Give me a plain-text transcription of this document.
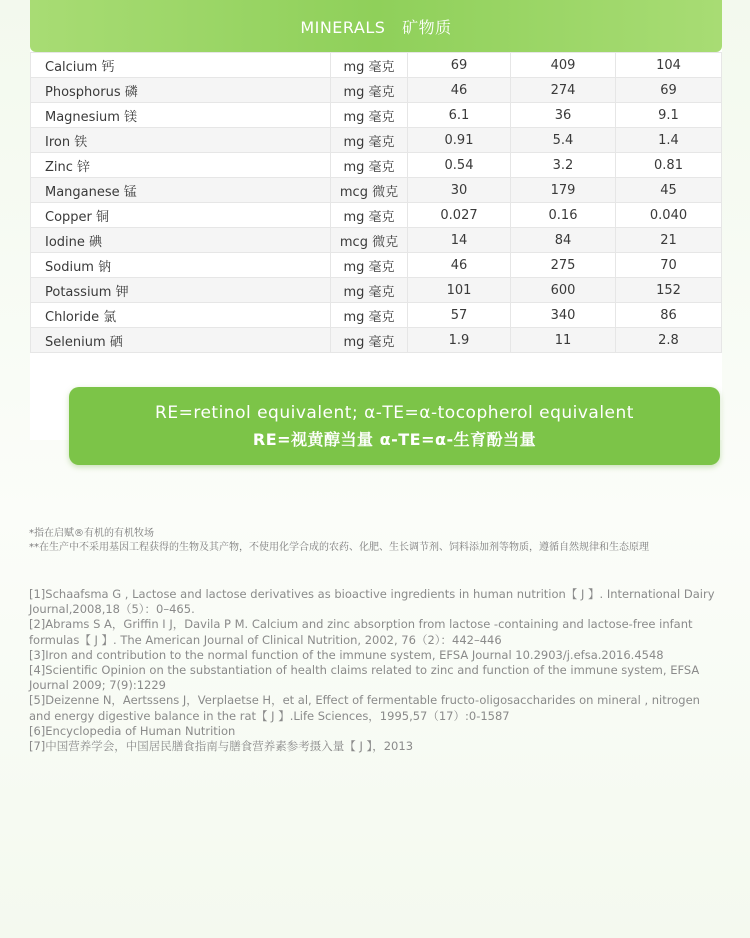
MINERALS   矿物质
Calcium 钙	mg 毫克	69	409	104
Phosphorus 磷	mg 毫克	46	274	69
Magnesium 镁	mg 毫克	6.1	36	9.1
Iron 铁	mg 毫克	0.91	5.4	1.4
Zinc 锌	mg 毫克	0.54	3.2	0.81
Manganese 锰	mcg 微克	30	179	45
Copper 铜	mg 毫克	0.027	0.16	0.040
Iodine 碘	mcg 微克	14	84	21
Sodium 钠	mg 毫克	46	275	70
Potassium 钾	mg 毫克	101	600	152
Chloride 氯	mg 毫克	57	340	86
Selenium 硒	mg 毫克	1.9	11	2.8
RE=retinol equivalent; α-TE=α-tocopherol equivalent
RE=视黄醇当量 α-TE=α-生育酚当量
*指在启赋®有机的有机牧场
**在生产中不采用基因工程获得的生物及其产物，不使用化学合成的农药、化肥、生长调节剂、饲料添加剂等物质，遵循自然规律和生态原理
[1]Schaafsma G , Lactose and lactose derivatives as bioactive ingredients in human nutrition【 J 】. International Dairy Journal,2008,18（5）：0–465.
[2]Abrams S A，Griffin I J，Davila P M. Calcium and zinc absorption from lactose -containing and lactose-free infant formulas【 J 】. The American Journal of Clinical Nutrition, 2002, 76（2）：442–446
[3]Iron and contribution to the normal function of the immune system, EFSA Journal 10.2903/j.efsa.2016.4548
[4]Scientific Opinion on the substantiation of health claims related to zinc and function of the immune system, EFSA Journal 2009; 7(9):1229
[5]Deizenne N，Aertssens J，Verplaetse H，et al, Effect of fermentable fructo-oligosaccharides on mineral , nitrogen and energy digestive balance in the rat【 J 】.Life Sciences，1995,57（17）:0-1587
[6]Encyclopedia of Human Nutrition
[7]中国营养学会，中国居民膳食指南与膳食营养素参考摄入量【 J 】，2013
